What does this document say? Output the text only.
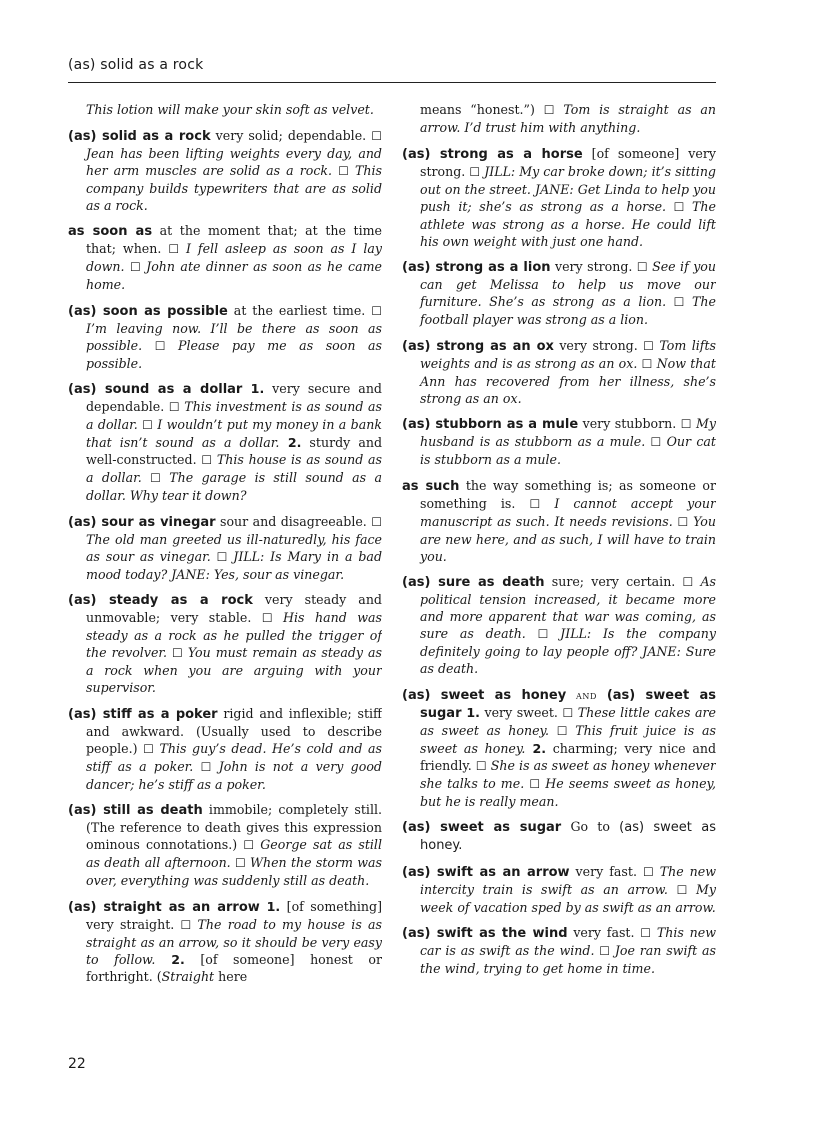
(as) solid as a rock

This lotion will make your skin soft as velvet.

(as) solid as a rock very solid; dependable. ☐ Jean has been lifting weights every day, and her arm muscles are solid as a rock. ☐ This company builds typewriters that are as solid as a rock.

as soon as at the moment that; at the time that; when. ☐ I fell asleep as soon as I lay down. ☐ John ate dinner as soon as he came home.

(as) soon as possible at the earliest time. ☐ I’m leaving now. I’ll be there as soon as possible. ☐ Please pay me as soon as possible.

(as) sound as a dollar 1. very secure and dependable. ☐ This investment is as sound as a dollar. ☐ I wouldn’t put my money in a bank that isn’t sound as a dollar. 2. sturdy and well-constructed. ☐ This house is as sound as a dollar. ☐ The garage is still sound as a dollar. Why tear it down?

(as) sour as vinegar sour and disagreeable. ☐ The old man greeted us ill-naturedly, his face as sour as vinegar. ☐ JILL: Is Mary in a bad mood today? JANE: Yes, sour as vinegar.

(as) steady as a rock very steady and unmovable; very stable. ☐ His hand was steady as a rock as he pulled the trigger of the revolver. ☐ You must remain as steady as a rock when you are arguing with your supervisor.

(as) stiff as a poker rigid and inflexible; stiff and awkward. (Usually used to describe people.) ☐ This guy’s dead. He’s cold and as stiff as a poker. ☐ John is not a very good dancer; he’s stiff as a poker.

(as) still as death immobile; completely still. (The reference to death gives this expression ominous connotations.) ☐ George sat as still as death all afternoon. ☐ When the storm was over, everything was suddenly still as death.

(as) straight as an arrow 1. [of something] very straight. ☐ The road to my house is as straight as an arrow, so it should be very easy to follow. 2. [of someone] honest or forthright. (Straight here

means “honest.”) ☐ Tom is straight as an arrow. I’d trust him with anything.

(as) strong as a horse [of someone] very strong. ☐ JILL: My car broke down; it’s sitting out on the street. JANE: Get Linda to help you push it; she’s as strong as a horse. ☐ The athlete was strong as a horse. He could lift his own weight with just one hand.

(as) strong as a lion very strong. ☐ See if you can get Melissa to help us move our furniture. She’s as strong as a lion. ☐ The football player was strong as a lion.

(as) strong as an ox very strong. ☐ Tom lifts weights and is as strong as an ox. ☐ Now that Ann has recovered from her illness, she’s strong as an ox.

(as) stubborn as a mule very stubborn. ☐ My husband is as stubborn as a mule. ☐ Our cat is stubborn as a mule.

as such the way something is; as someone or something is. ☐ I cannot accept your manuscript as such. It needs revisions. ☐ You are new here, and as such, I will have to train you.

(as) sure as death sure; very certain. ☐ As political tension increased, it became more and more apparent that war was coming, as sure as death. ☐ JILL: Is the company definitely going to lay people off? JANE: Sure as death.

(as) sweet as honey and (as) sweet as sugar 1. very sweet. ☐ These little cakes are as sweet as honey. ☐ This fruit juice is as sweet as honey. 2. charming; very nice and friendly. ☐ She is as sweet as honey whenever she talks to me. ☐ He seems sweet as honey, but he is really mean.

(as) sweet as sugar Go to (as) sweet as honey.

(as) swift as an arrow very fast. ☐ The new intercity train is swift as an arrow. ☐ My week of vacation sped by as swift as an arrow.

(as) swift as the wind very fast. ☐ This new car is as swift as the wind. ☐ Joe ran swift as the wind, trying to get home in time.

22
